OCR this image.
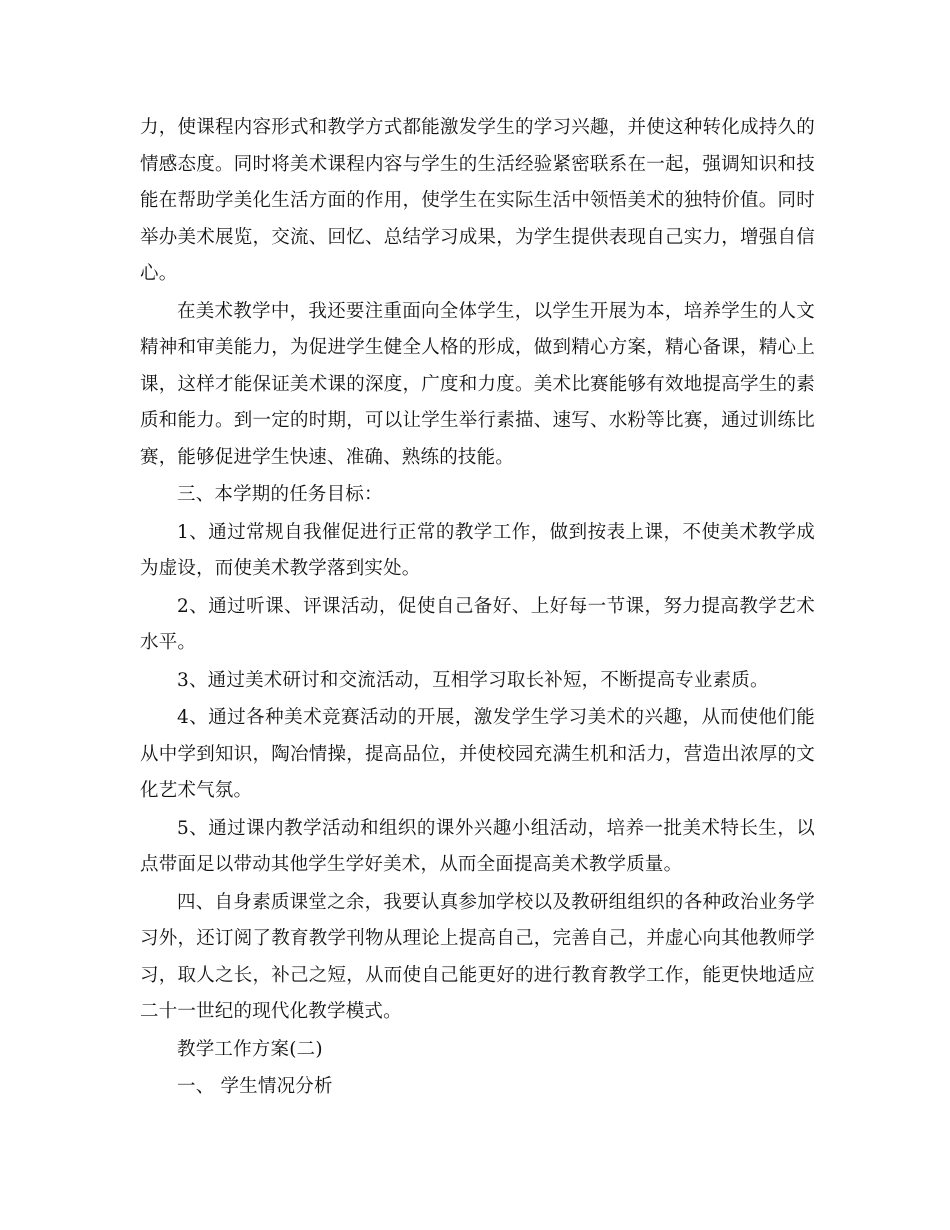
力，使课程内容形式和教学方式都能激发学生的学习兴趣，并使这种转化成持久的情感态度。同时将美术课程内容与学生的生活经验紧密联系在一起，强调知识和技能在帮助学美化生活方面的作用，使学生在实际生活中领悟美术的独特价值。同时举办美术展览，交流、回忆、总结学习成果，为学生提供表现自己实力，增强自信心。

在美术教学中，我还要注重面向全体学生，以学生开展为本，培养学生的人文精神和审美能力，为促进学生健全人格的形成，做到精心方案，精心备课，精心上课，这样才能保证美术课的深度，广度和力度。美术比赛能够有效地提高学生的素质和能力。到一定的时期，可以让学生举行素描、速写、水粉等比赛，通过训练比赛，能够促进学生快速、准确、熟练的技能。

三、本学期的任务目标：

1、通过常规自我催促进行正常的教学工作，做到按表上课，不使美术教学成为虚设，而使美术教学落到实处。

2、通过听课、评课活动，促使自己备好、上好每一节课，努力提高教学艺术水平。

3、通过美术研讨和交流活动，互相学习取长补短，不断提高专业素质。

4、通过各种美术竞赛活动的开展，激发学生学习美术的兴趣，从而使他们能从中学到知识，陶冶情操，提高品位，并使校园充满生机和活力，营造出浓厚的文化艺术气氛。

5、通过课内教学活动和组织的课外兴趣小组活动，培养一批美术特长生，以点带面足以带动其他学生学好美术，从而全面提高美术教学质量。

四、自身素质课堂之余，我要认真参加学校以及教研组组织的各种政治业务学习外，还订阅了教育教学刊物从理论上提高自己，完善自己，并虚心向其他教师学习，取人之长，补己之短，从而使自己能更好的进行教育教学工作，能更快地适应二十一世纪的现代化教学模式。

教学工作方案(二)

一、 学生情况分析
